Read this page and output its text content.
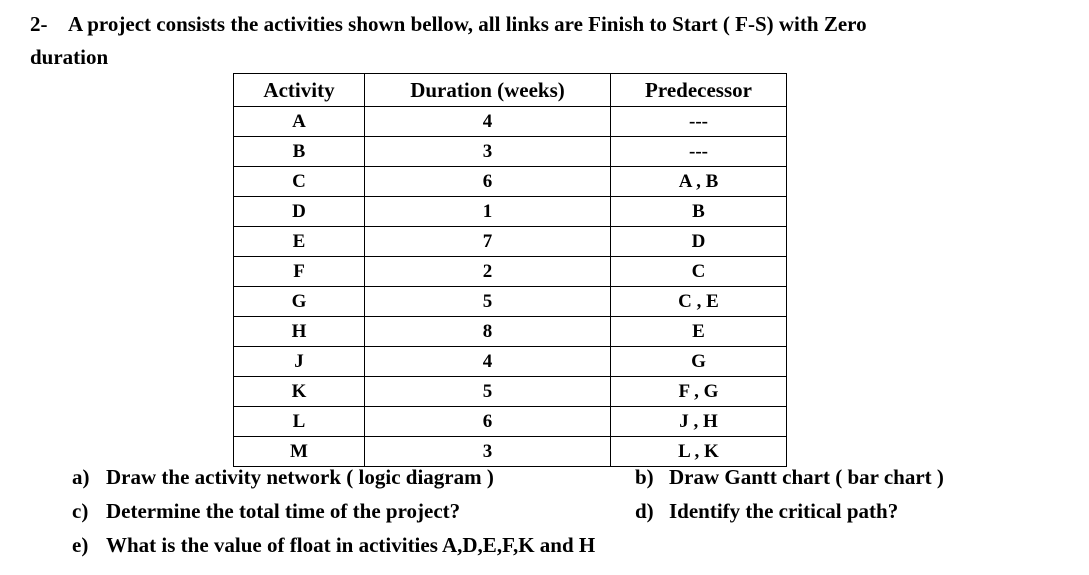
2- A project consists the activities shown bellow, all links are Finish to Start ( F-S) with Zero
duration
Activity	Duration (weeks)	Predecessor
A	4	---
B	3	---
C	6	A , B
D	1	B
E	7	D
F	2	C
G	5	C , E
H	8	E
J	4	G
K	5	F , G
L	6	J , H
M	3	L , K
a) Draw the activity network ( logic diagram )	b) Draw Gantt chart ( bar chart )
c) Determine the total time of the project?	d) Identify the critical path?
e) What is the value of float in activities A,D,E,F,K and H
